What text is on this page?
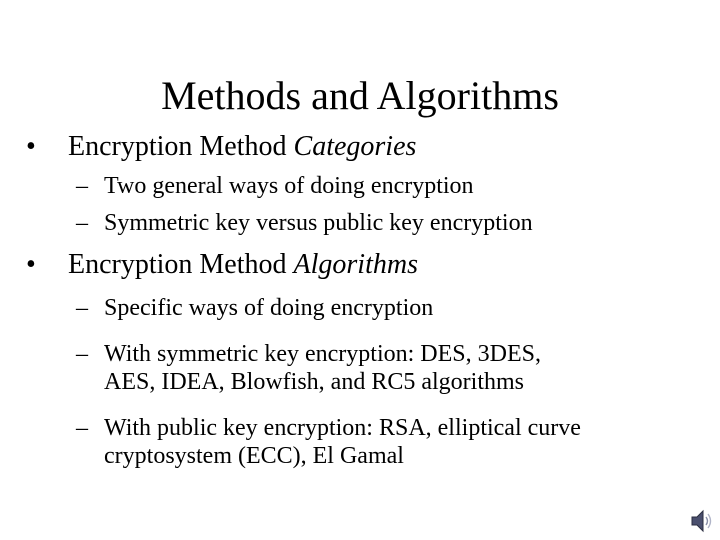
Methods and Algorithms
• Encryption Method Categories
– Two general ways of doing encryption
– Symmetric key versus public key encryption
• Encryption Method Algorithms
– Specific ways of doing encryption
– With symmetric key encryption: DES, 3DES,
AES, IDEA, Blowfish, and RC5 algorithms
– With public key encryption: RSA, elliptical curve
cryptosystem (ECC), El Gamal
